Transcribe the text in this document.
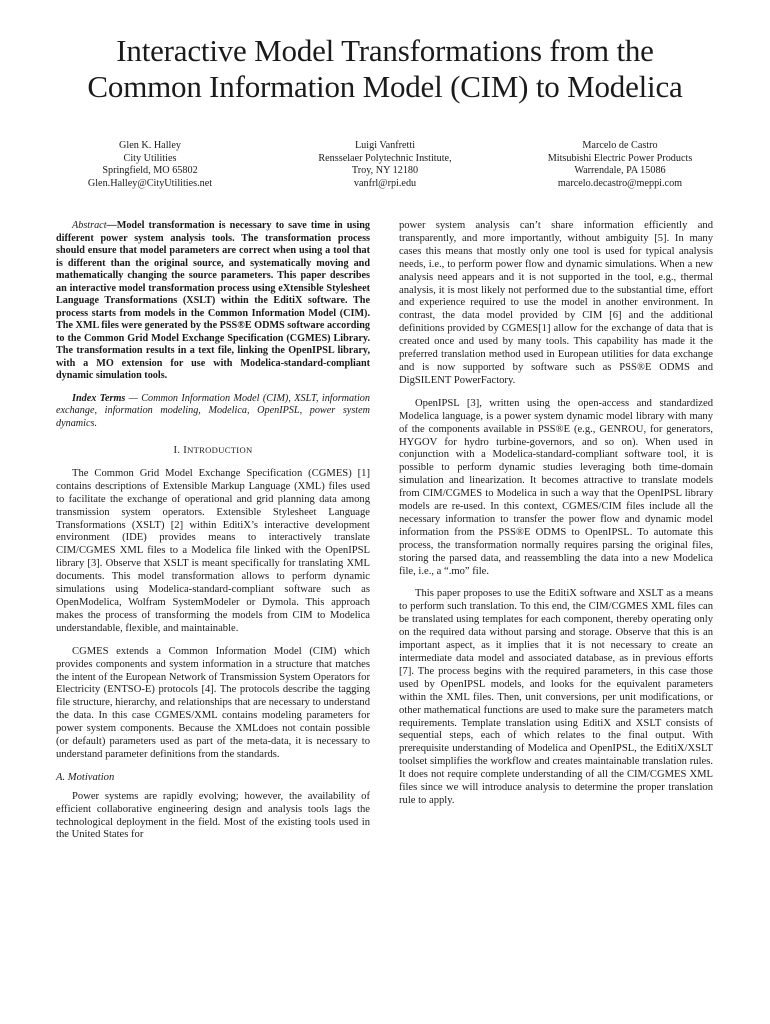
Interactive Model Transformations from the
Common Information Model (CIM) to Modelica
Glen K. Halley
City Utilities
Springfield, MO 65802
Glen.Halley@CityUtilities.net
Luigi Vanfretti
Rensselaer Polytechnic Institute,
Troy, NY 12180
vanfrl@rpi.edu
Marcelo de Castro
Mitsubishi Electric Power Products
Warrendale, PA 15086
marcelo.decastro@meppi.com

Abstract—Model transformation is necessary to save time in using different power system analysis tools. The transformation process should ensure that model parameters are correct when using a tool that is different than the original source, and systematically moving and mathematically changing the source parameters. This paper describes an interactive model transformation process using eXtensible Stylesheet Language Transformations (XSLT) within the EditiX software. The process starts from models in the Common Information Model (CIM). The XML files were generated by the PSS®E ODMS software according to the Common Grid Model Exchange Specification (CGMES) Library. The transformation results in a text file, linking the OpenIPSL library, with a MO extension for use with Modelica-standard-compliant dynamic simulation tools.

Index Terms — Common Information Model (CIM), XSLT, information exchange, information modeling, Modelica, OpenIPSL, power system dynamics.

I. INTRODUCTION

The Common Grid Model Exchange Specification (CGMES) [1] contains descriptions of Extensible Markup Language (XML) files used to facilitate the exchange of operational and grid planning data among transmission system operators. Extensible Stylesheet Language Transformations (XSLT) [2] within EditiX’s interactive development environment (IDE) provides means to interactively translate CIM/CGMES XML files to a Modelica file linked with the OpenIPSL library [3]. Observe that XSLT is meant specifically for translating XML documents. This model transformation allows to perform dynamic simulations using Modelica-standard-compliant software such as OpenModelica, Wolfram SystemModeler or Dymola. This approach makes the process of transforming the models from CIM to Modelica understandable, flexible, and maintainable.

CGMES extends a Common Information Model (CIM) which provides components and system information in a structure that matches the intent of the European Network of Transmission System Operators for Electricity (ENTSO-E) protocols [4]. The protocols describe the tagging file structure, hierarchy, and relationships that are necessary to understand the data. In this case CGMES/XML contains modeling parameters for power system components. Because the XMLdoes not contain possible (or default) parameters used as part of the meta-data, it is necessary to understand parameter definitions from the standards.

A. Motivation

Power systems are rapidly evolving; however, the availability of efficient collaborative engineering design and analysis tools lags the technological deployment in the field. Most of the existing tools used in the United States for

power system analysis can’t share information efficiently and transparently, and more importantly, without ambiguity [5]. In many cases this means that mostly only one tool is used for typical analysis needs, i.e., to perform power flow and dynamic simulations. When a new analysis need appears and it is not supported in the tool, e.g., thermal analysis, it is most likely not performed due to the substantial time, effort and experience required to use the model in another environment. In contrast, the data model provided by CIM [6] and the additional definitions provided by CGMES[1] allow for the exchange of data that is created once and used by many tools. This capability has made it the preferred translation method used in European utilities for data exchange and is now supported by software such as PSS®E ODMS and DigSILENT PowerFactory.

OpenIPSL [3], written using the open-access and standardized Modelica language, is a power system dynamic model library with many of the components available in PSS®E (e.g., GENROU, for generators, HYGOV for hydro turbine-governors, and so on). When used in conjunction with a Modelica-standard-compliant software tool, it is possible to perform dynamic studies leveraging both time-domain simulation and linearization. It becomes attractive to translate models from CIM/CGMES to Modelica in such a way that the OpenIPSL library models are re-used. In this context, CGMES/CIM files include all the necessary information to transfer the power flow and dynamic model information from the PSS®E ODMS to OpenIPSL. To automate this process, the transformation normally requires parsing the original files, storing the parsed data, and reassembling the data into a new Modelica file, i.e., a “.mo” file.

This paper proposes to use the EditiX software and XSLT as a means to perform such translation. To this end, the CIM/CGMES XML files can be translated using templates for each component, thereby operating only on the required data without parsing and storage. Observe that this is an important aspect, as it implies that it is not necessary to create an intermediate data model and associated database, as in previous efforts [7]. The process begins with the required parameters, in this case those used by OpenIPSL models, and looks for the equivalent parameters within the XML files. Then, unit conversions, per unit modifications, or other mathematical functions are used to make sure the parameters match requirements. Template translation using EditiX and XSLT consists of sequential steps, each of which relates to the final output. With prerequisite understanding of Modelica and OpenIPSL, the EditiX/XSLT toolset simplifies the workflow and creates maintainable translation rules. It does not require complete understanding of all the CIM/CGMES XML files since we will introduce analysis to determine the proper translation rule to apply.
